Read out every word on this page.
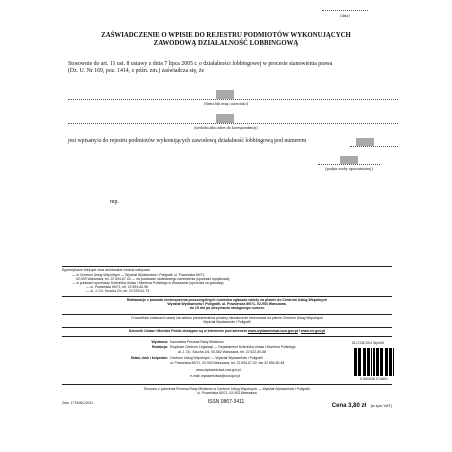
(data)
ZAŚWIADCZENIE O WPISIE DO REJESTRU PODMIOTÓW WYKONUJĄCYCH
ZAWODOWĄ DZIAŁALNOŚĆ LOBBINGOWĄ
Stosownie do art. 11 ust. 8 ustawy z dnia 7 lipca 2005 r. o działalności lobbingowej w procesie stanowienia prawa
(Dz. U. Nr 169, poz. 1414, z późn. zm.) zaświadcza się, że
(firma lub imię i nazwisko)
(siedziba albo adres do korespondencji)
jest wpisany/a do rejestru podmiotów wykonujących zawodową działalność lobbingową pod numerem
(podpis osoby upoważnionej)
mp.
Egzemplarze bieżące oraz archiwalne można nabywać:
— w Centrum Usług Wspólnych — Wydział Wydawnictw i Poligrafii, ul. Powsińska 69/71,
02-903 Warszawa, tel. 22 694-67-02 — na podstawie nadesłanego zamówienia (sprzedaż wysyłkowa);
— w punktach sprzedaży Dziennika Ustaw i Monitora Polskiego w Warszawie (sprzedaż za gotówkę):
— ul. Powsińska 69/71, tel. 22 694-60-96
— ul. J. Ch. Szucha 2/4, tel. 22 629-61-73
Reklamacje z powodu niedoręczenia poszczególnych numerów zgłaszać należy na piśmie do Centrum Usług Wspólnych
Wydział Wydawnictw i Poligrafii, ul. Powsińska 69/71, 02-903 Warszawa,
do 15 dni po otrzymaniu następnego numeru
O wszelkich zmianach nazwy lub adresu prenumeratora prosimy niezwłocznie informować na piśmie Centrum Usług Wspólnych
Wydział Wydawnictw i Poligrafii
Dziennik Ustaw i Monitor Polski dostępne są w Internecie pod adresem www.wydawnictwa.cuw.gov.pl i www.rcl.gov.pl
Wydawca: Kancelaria Prezesa Rady Ministrów
Redakcja: Rządowe Centrum Legislacji — Departament Dziennika Ustaw i Monitora Polskiego
al. J. Ch. Szucha 2/4, 00-582 Warszawa, tel. 22 622-50-58
Skład, druk i kolportaż: Centrum Usług Wspólnych — Wydział Wydawnictw i Poligrafii
ul. Powsińska 69/71, 02-903 Warszawa, tel. 22 694-67-02, fax 22 694-60-48
www.wydawnictwa.cuw.gov.pl
e-mail: wydawnictwa@cuw.gov.pl
DU 2136 2011 Wyd.06
5 900026 274601
Tłoczono z polecenia Prezesa Rady Ministrów w Centrum Usług Wspólnych — Wydział Wydawnictw i Poligrafii,
ul. Powsińska 69/71, 02-903 Warszawa
Zam. 1776/WC/2011	ISSN 0867-3411
Cena 3,80 zł (w tym VAT)
